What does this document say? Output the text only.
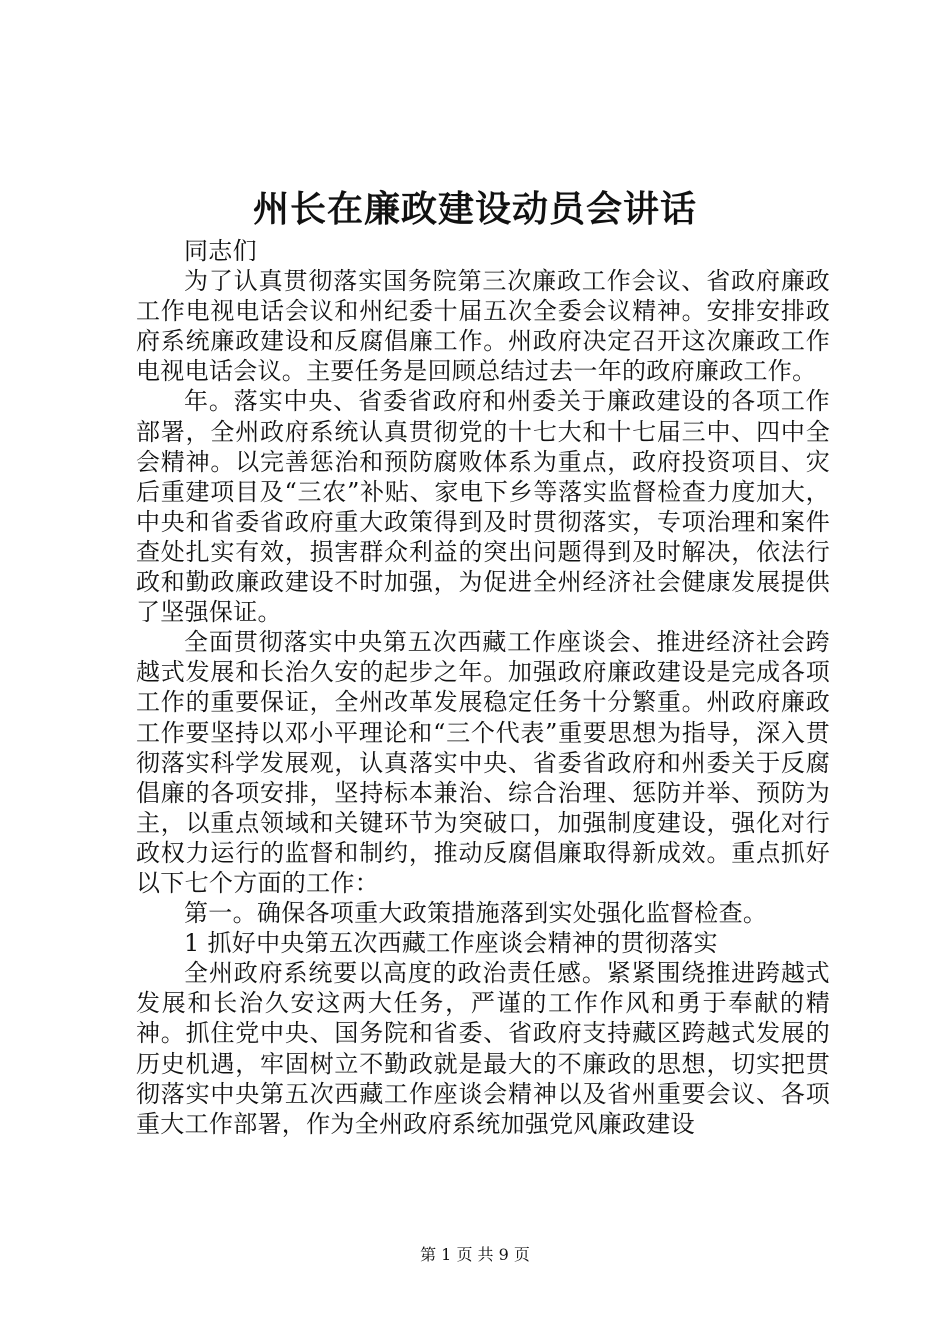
州长在廉政建设动员会讲话

同志们

为了认真贯彻落实国务院第三次廉政工作会议、省政府廉政工作电视电话会议和州纪委十届五次全委会议精神。安排安排政府系统廉政建设和反腐倡廉工作。州政府决定召开这次廉政工作电视电话会议。主要任务是回顾总结过去一年的政府廉政工作。

年。落实中央、省委省政府和州委关于廉政建设的各项工作部署，全州政府系统认真贯彻党的十七大和十七届三中、四中全会精神。以完善惩治和预防腐败体系为重点，政府投资项目、灾后重建项目及“三农”补贴、家电下乡等落实监督检查力度加大，中央和省委省政府重大政策得到及时贯彻落实，专项治理和案件查处扎实有效，损害群众利益的突出问题得到及时解决，依法行政和勤政廉政建设不时加强，为促进全州经济社会健康发展提供了坚强保证。

全面贯彻落实中央第五次西藏工作座谈会、推进经济社会跨越式发展和长治久安的起步之年。加强政府廉政建设是完成各项工作的重要保证，全州改革发展稳定任务十分繁重。州政府廉政工作要坚持以邓小平理论和“三个代表”重要思想为指导，深入贯彻落实科学发展观，认真落实中央、省委省政府和州委关于反腐倡廉的各项安排，坚持标本兼治、综合治理、惩防并举、预防为主，以重点领域和关键环节为突破口，加强制度建设，强化对行政权力运行的监督和制约，推动反腐倡廉取得新成效。重点抓好以下七个方面的工作：

第一。确保各项重大政策措施落到实处强化监督检查。

1 抓好中央第五次西藏工作座谈会精神的贯彻落实

全州政府系统要以高度的政治责任感。紧紧围绕推进跨越式发展和长治久安这两大任务，严谨的工作作风和勇于奉献的精神。抓住党中央、国务院和省委、省政府支持藏区跨越式发展的历史机遇，牢固树立不勤政就是最大的不廉政的思想，切实把贯彻落实中央第五次西藏工作座谈会精神以及省州重要会议、各项重大工作部署，作为全州政府系统加强党风廉政建设

第 1 页 共 9 页
